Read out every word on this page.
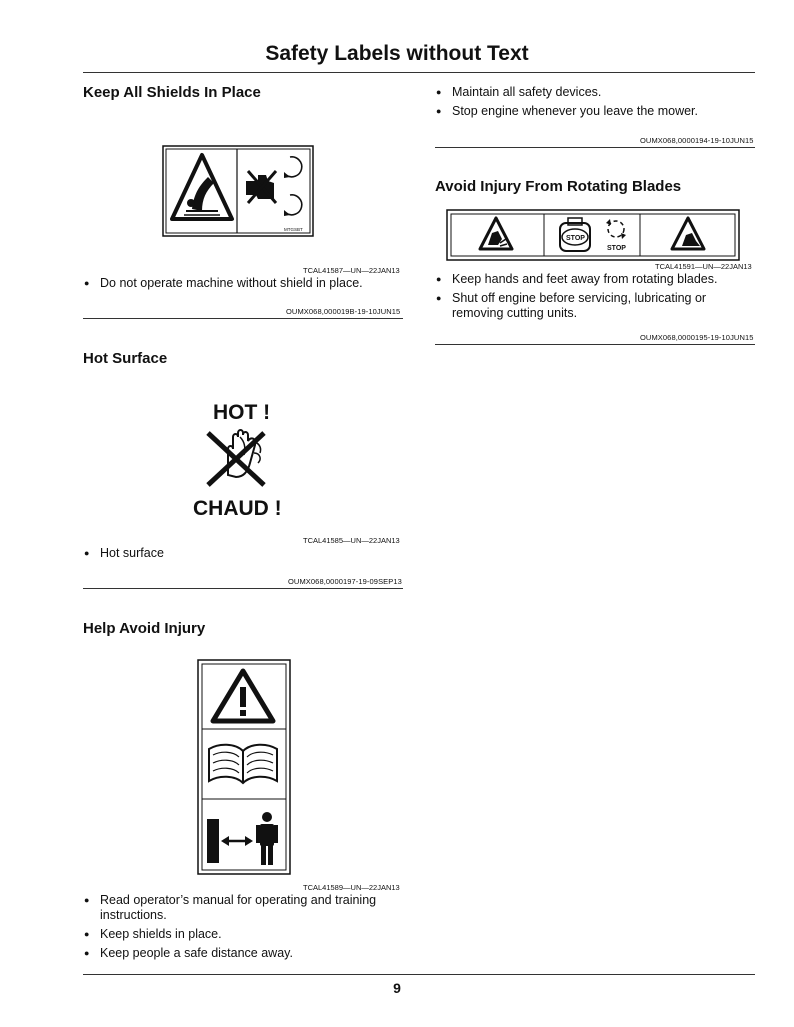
Safety Labels without Text
Keep All Shields In Place
MTGSBT
TCAL41587—UN—22JAN13
● Do not operate machine without shield in place.
OUMX068,000019B-19-10JUN15
Hot Surface
HOT !
CHAUD !
TCAL41585—UN—22JAN13
● Hot surface
OUMX068,0000197-19-09SEP13
Help Avoid Injury
TCAL41589—UN—22JAN13
● Read operator’s manual for operating and training instructions.
● Keep shields in place.
● Keep people a safe distance away.
● Maintain all safety devices.
● Stop engine whenever you leave the mower.
OUMX068,0000194-19-10JUN15
Avoid Injury From Rotating Blades
STOP
STOP
TCAL41591—UN—22JAN13
● Keep hands and feet away from rotating blades.
● Shut off engine before servicing, lubricating or removing cutting units.
OUMX068,0000195-19-10JUN15
9
